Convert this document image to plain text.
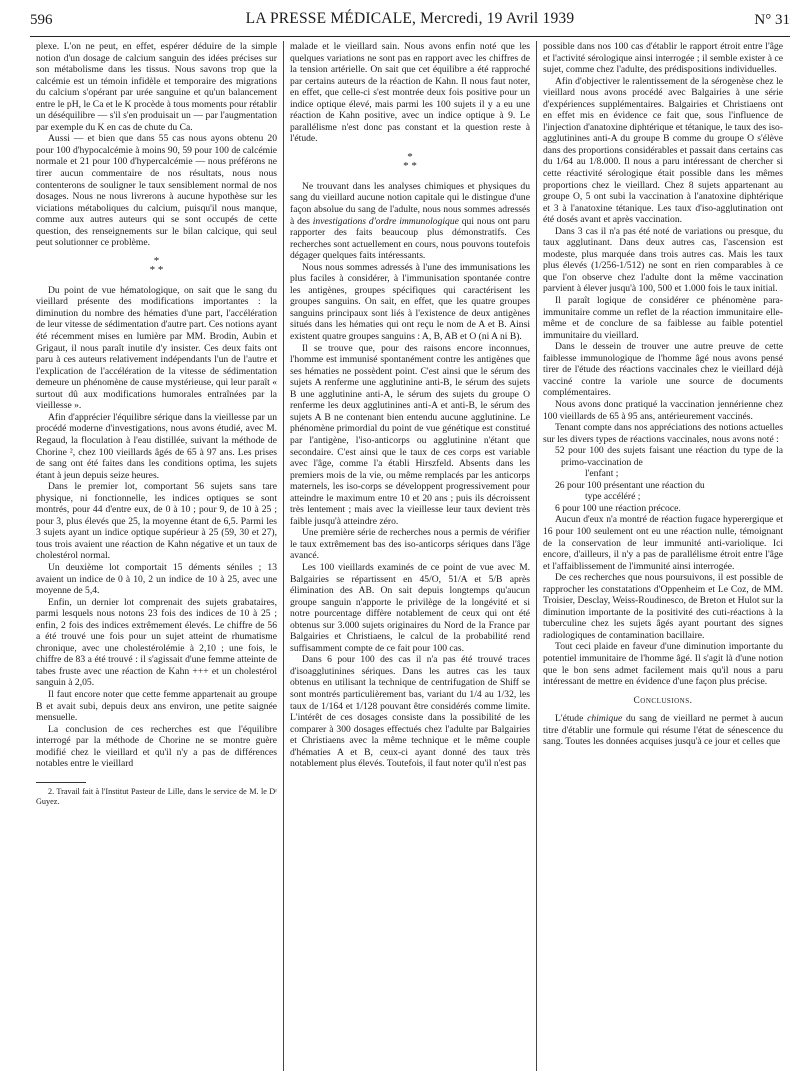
596	LA PRESSE MÉDICALE, Mercredi, 19 Avril 1939	N° 31

plexe. L'on ne peut, en effet, espérer déduire de la simple notion d'un dosage de calcium sanguin des idées précises sur son métabolisme dans les tissus. Nous savons trop que la calcémie est un témoin infidèle et temporaire des migrations du calcium s'opérant par urée sanguine et qu'un balancement entre le pH, le Ca et le K procède à tous moments pour rétablir un déséquilibre — s'il s'en produisait un — par l'augmentation par exemple du K en cas de chute du Ca.

Aussi — et bien que dans 55 cas nous ayons obtenu 20 pour 100 d'hypocalcémie à moins 90, 59 pour 100 de calcémie normale et 21 pour 100 d'hypercalcémie — nous préférons ne tirer aucun commentaire de nos résultats, nous nous contenterons de souligner le taux sensiblement normal de nos dosages. Nous ne nous livrerons à aucune hypothèse sur les viciations métaboliques du calcium, puisqu'il nous manque, comme aux autres auteurs qui se sont occupés de cette question, des renseignements sur le bilan calcique, qui seul peut solutionner ce problème.

*
* *

Du point de vue hématologique, on sait que le sang du vieillard présente des modifications importantes : la diminution du nombre des hématies d'une part, l'accélération de leur vitesse de sédimentation d'autre part. Ces notions ayant été récemment mises en lumière par MM. Brodin, Aubin et Grigaut, il nous paraît inutile d'y insister. Ces deux faits ont paru à ces auteurs relativement indépendants l'un de l'autre et l'explication de l'accélération de la vitesse de sédimentation demeure un phénomène de cause mystérieuse, qui leur paraît « surtout dû aux modifications humorales entraînées par la vieillesse ».

Afin d'apprécier l'équilibre sérique dans la vieillesse par un procédé moderne d'investigations, nous avons étudié, avec M. Regaud, la floculation à l'eau distillée, suivant la méthode de Chorine ², chez 100 vieillards âgés de 65 à 97 ans. Les prises de sang ont été faites dans les conditions optima, les sujets étant à jeun depuis seize heures.

Dans le premier lot, comportant 56 sujets sans tare physique, ni fonctionnelle, les indices optiques se sont montrés, pour 44 d'entre eux, de 0 à 10 ; pour 9, de 10 à 25 ; pour 3, plus élevés que 25, la moyenne étant de 6,5. Parmi les 3 sujets ayant un indice optique supérieur à 25 (59, 30 et 27), tous trois avaient une réaction de Kahn négative et un taux de cholestérol normal.

Un deuxième lot comportait 15 déments séniles ; 13 avaient un indice de 0 à 10, 2 un indice de 10 à 25, avec une moyenne de 5,4.

Enfin, un dernier lot comprenait des sujets grabataires, parmi lesquels nous notons 23 fois des indices de 10 à 25 ; enfin, 2 fois des indices extrêmement élevés. Le chiffre de 56 a été trouvé une fois pour un sujet atteint de rhumatisme chronique, avec une cholestérolémie à 2,10 ; une fois, le chiffre de 83 a été trouvé : il s'agissait d'une femme atteinte de tabes fruste avec une réaction de Kahn +++ et un cholestérol sanguin à 2,05.

Il faut encore noter que cette femme appartenait au groupe B et avait subi, depuis deux ans environ, une petite saignée mensuelle.

La conclusion de ces recherches est que l'équilibre interrogé par la méthode de Chorine ne se montre guère modifié chez le vieillard et qu'il n'y a pas de différences notables entre le vieillard

2. Travail fait à l'Institut Pasteur de Lille, dans le service de M. le Dʳ Guyez.

malade et le vieillard sain. Nous avons enfin noté que les quelques variations ne sont pas en rapport avec les chiffres de la tension artérielle. On sait que cet équilibre a été rapproché par certains auteurs de la réaction de Kahn. Il nous faut noter, en effet, que celle-ci s'est montrée deux fois positive pour un indice optique élevé, mais parmi les 100 sujets il y a eu une réaction de Kahn positive, avec un indice optique à 9. Le parallélisme n'est donc pas constant et la question reste à l'étude.

*
* *

Ne trouvant dans les analyses chimiques et physiques du sang du vieillard aucune notion capitale qui le distingue d'une façon absolue du sang de l'adulte, nous nous sommes adressés à des investigations d'ordre immunologique qui nous ont paru rapporter des faits beaucoup plus démonstratifs. Ces recherches sont actuellement en cours, nous pouvons toutefois dégager quelques faits intéressants.

Nous nous sommes adressés à l'une des immunisations les plus faciles à considérer, à l'immunisation spontanée contre les antigènes, groupes spécifiques qui caractérisent les groupes sanguins. On sait, en effet, que les quatre groupes sanguins principaux sont liés à l'existence de deux antigènes situés dans les hématies qui ont reçu le nom de A et B. Ainsi existent quatre groupes sanguins : A, B, AB et O (ni A ni B).

Il se trouve que, pour des raisons encore inconnues, l'homme est immunisé spontanément contre les antigènes que ses hématies ne possèdent point. C'est ainsi que le sérum des sujets A renferme une agglutinine anti-B, le sérum des sujets B une agglutinine anti-A, le sérum des sujets du groupe O renferme les deux agglutinines anti-A et anti-B, le sérum des sujets A B ne contenant bien entendu aucune agglutinine. Le phénomène primordial du point de vue génétique est constitué par l'antigène, l'iso-anticorps ou agglutinine n'étant que secondaire. C'est ainsi que le taux de ces corps est variable avec l'âge, comme l'a établi Hirszfeld. Absents dans les premiers mois de la vie, ou même remplacés par les anticorps maternels, les iso-corps se développent progressivement pour atteindre le maximum entre 10 et 20 ans ; puis ils décroissent très lentement ; mais avec la vieillesse leur taux devient très faible jusqu'à atteindre zéro.

Une première série de recherches nous a permis de vérifier le taux extrêmement bas des iso-anticorps sériques dans l'âge avancé.

Les 100 vieillards examinés de ce point de vue avec M. Balgairies se répartissent en 45/O, 51/A et 5/B après élimination des AB. On sait depuis longtemps qu'aucun groupe sanguin n'apporte le privilège de la longévité et si notre pourcentage diffère notablement de ceux qui ont été obtenus sur 3.000 sujets originaires du Nord de la France par Balgairies et Christiaens, le calcul de la probabilité rend suffisamment compte de ce fait pour 100 cas.

Dans 6 pour 100 des cas il n'a pas été trouvé traces d'isoagglutinines sériques. Dans les autres cas les taux obtenus en utilisant la technique de centrifugation de Shiff se sont montrés particulièrement bas, variant du 1/4 au 1/32, les taux de 1/164 et 1/128 pouvant être considérés comme limite. L'intérêt de ces dosages consiste dans la possibilité de les comparer à 300 dosages effectués chez l'adulte par Balgairies et Christiaens avec la même technique et le même couple d'hématies A et B, ceux-ci ayant donné des taux très notablement plus élevés. Toutefois, il faut noter qu'il n'est pas

possible dans nos 100 cas d'établir le rapport étroit entre l'âge et l'activité sérologique ainsi interrogée ; il semble exister à ce sujet, comme chez l'adulte, des prédispositions individuelles.

Afin d'objectiver le ralentissement de la sérogenèse chez le vieillard nous avons procédé avec Balgairies à une série d'expériences supplémentaires. Balgairies et Christiaens ont en effet mis en évidence ce fait que, sous l'influence de l'injection d'anatoxine diphtérique et tétanique, le taux des iso-agglutinines anti-A du groupe B comme du groupe O s'élève dans des proportions considérables et passait dans certains cas du 1/64 au 1/8.000. Il nous a paru intéressant de chercher si cette réactivité sérologique était possible dans les mêmes proportions chez le vieillard. Chez 8 sujets appartenant au groupe O, 5 ont subi la vaccination à l'anatoxine diphtérique et 3 à l'anatoxine tétanique. Les taux d'iso-agglutination ont été dosés avant et après vaccination.

Dans 3 cas il n'a pas été noté de variations ou presque, du taux agglutinant. Dans deux autres cas, l'ascension est modeste, plus marquée dans trois autres cas. Mais les taux plus élevés (1/256-1/512) ne sont en rien comparables à ce que l'on observe chez l'adulte dont la même vaccination parvient à élever jusqu'à 100, 500 et 1.000 fois le taux initial.

Il paraît logique de considérer ce phénomène para-immunitaire comme un reflet de la réaction immunitaire elle-même et de conclure de sa faiblesse au faible potentiel immunitaire du vieillard.

Dans le dessein de trouver une autre preuve de cette faiblesse immunologique de l'homme âgé nous avons pensé tirer de l'étude des réactions vaccinales chez le vieillard déjà vacciné contre la variole une source de documents complémentaires.

Nous avons donc pratiqué la vaccination jennérienne chez 100 vieillards de 65 à 95 ans, antérieurement vaccinés.

Tenant compte dans nos appréciations des notions actuelles sur les divers types de réactions vaccinales, nous avons noté :

52 pour 100 des sujets faisant une réaction du type de la primo-vaccination de

l'enfant ;

26 pour 100 présentant une réaction du

type accéléré ;

6 pour 100 une réaction précoce.

Aucun d'eux n'a montré de réaction fugace hyperergique et 16 pour 100 seulement ont eu une réaction nulle, témoignant de la conservation de leur immunité anti-variolique. Ici encore, d'ailleurs, il n'y a pas de parallélisme étroit entre l'âge et l'affaiblissement de l'immunité ainsi interrogée.

De ces recherches que nous poursuivons, il est possible de rapprocher les constatations d'Oppenheim et Le Coz, de MM. Troisier, Desclay, Weiss-Roudinesco, de Breton et Hulot sur la diminution importante de la positivité des cuti-réactions à la tuberculine chez les sujets âgés ayant pourtant des signes radiologiques de contamination bacillaire.

Tout ceci plaide en faveur d'une diminution importante du potentiel immunitaire de l'homme âgé. Il s'agit là d'une notion que le bon sens admet facilement mais qu'il nous a paru intéressant de mettre en évidence d'une façon plus précise.

Conclusions.

L'étude chimique du sang de vieillard ne permet à aucun titre d'établir une formule qui résume l'état de sénescence du sang. Toutes les données acquises jusqu'à ce jour et celles que
